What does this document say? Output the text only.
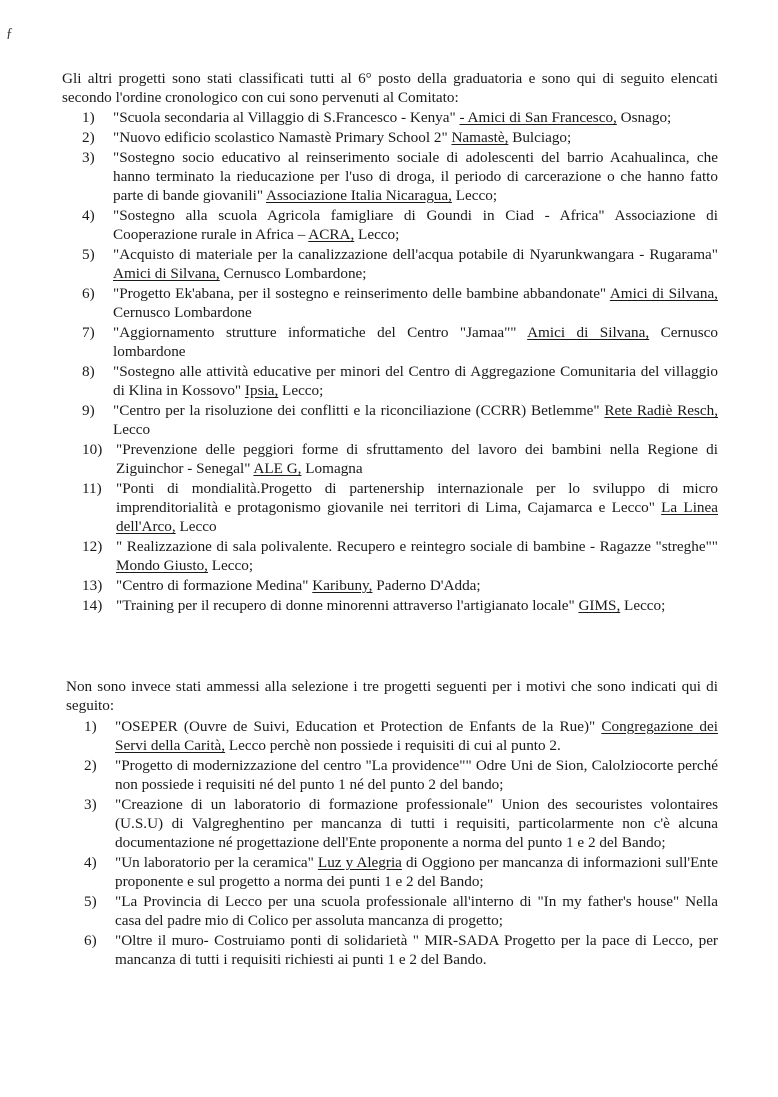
ƒ
Gli altri progetti sono stati classificati tutti al 6° posto della graduatoria e sono qui di seguito elencati secondo l'ordine cronologico con cui sono pervenuti al Comitato:
1) "Scuola secondaria al Villaggio di S.Francesco - Kenya" - Amici di San Francesco, Osnago;
2) "Nuovo edificio scolastico Namastè Primary School 2" Namastè, Bulciago;
3) "Sostegno socio educativo al reinserimento sociale di adolescenti del barrio Acahualinca, che hanno terminato la rieducazione per l'uso di droga, il periodo di carcerazione o che hanno fatto parte di bande giovanili" Associazione Italia Nicaragua, Lecco;
4) "Sostegno alla scuola Agricola famigliare di Goundi in Ciad - Africa" Associazione di Cooperazione rurale in Africa – ACRA, Lecco;
5) "Acquisto di materiale per la canalizzazione dell'acqua potabile di Nyarunkwangara - Rugarama" Amici di Silvana, Cernusco Lombardone;
6) "Progetto Ek'abana, per il sostegno e reinserimento delle bambine abbandonate" Amici di Silvana, Cernusco Lombardone
7) "Aggiornamento strutture informatiche del Centro "Jamaa"" Amici di Silvana, Cernusco lombardone
8) "Sostegno alle attività educative per minori del Centro di Aggregazione Comunitaria del villaggio di Klina in Kossovo" Ipsia, Lecco;
9) "Centro per la risoluzione dei conflitti e la riconciliazione (CCRR) Betlemme" Rete Radiè Resch, Lecco
10) "Prevenzione delle peggiori forme di sfruttamento del lavoro dei bambini nella Regione di Ziguinchor - Senegal" ALE G, Lomagna
11) "Ponti di mondialità.Progetto di partenership internazionale per lo sviluppo di micro imprenditorialità e protagonismo giovanile nei territori di Lima, Cajamarca e Lecco" La Linea dell'Arco, Lecco
12) " Realizzazione di sala polivalente. Recupero e reintegro sociale di bambine - Ragazze "streghe"" Mondo Giusto, Lecco;
13) "Centro di formazione Medina" Karibuny, Paderno D'Adda;
14) "Training per il recupero di donne minorenni attraverso l'artigianato locale" GIMS, Lecco;
Non sono invece stati ammessi alla selezione i tre progetti seguenti per i motivi che sono indicati qui di seguito:
1) "OSEPER (Ouvre de Suivi, Education et Protection de Enfants de la Rue)" Congregazione dei Servi della Carità, Lecco perchè non possiede i requisiti di cui al punto 2.
2) "Progetto di modernizzazione del centro "La providence"" Odre Uni de Sion, Calolziocorte perché non possiede i requisiti né del punto 1 né del punto 2 del bando;
3) "Creazione di un laboratorio di formazione professionale" Union des secouristes volontaires (U.S.U) di Valgreghentino per mancanza di tutti i requisiti, particolarmente non c'è alcuna documentazione né progettazione dell'Ente proponente a norma del punto 1 e 2 del Bando;
4) "Un laboratorio per la ceramica" Luz y Alegria di Oggiono per mancanza di informazioni sull'Ente proponente e sul progetto a norma dei punti 1 e 2 del Bando;
5) "La Provincia di Lecco per una scuola professionale all'interno di "In my father's house" Nella casa del padre mio di Colico per assoluta mancanza di progetto;
6) "Oltre il muro- Costruiamo ponti di solidarietà " MIR-SADA Progetto per la pace di Lecco, per mancanza di tutti i requisiti richiesti ai punti 1 e 2 del Bando.
